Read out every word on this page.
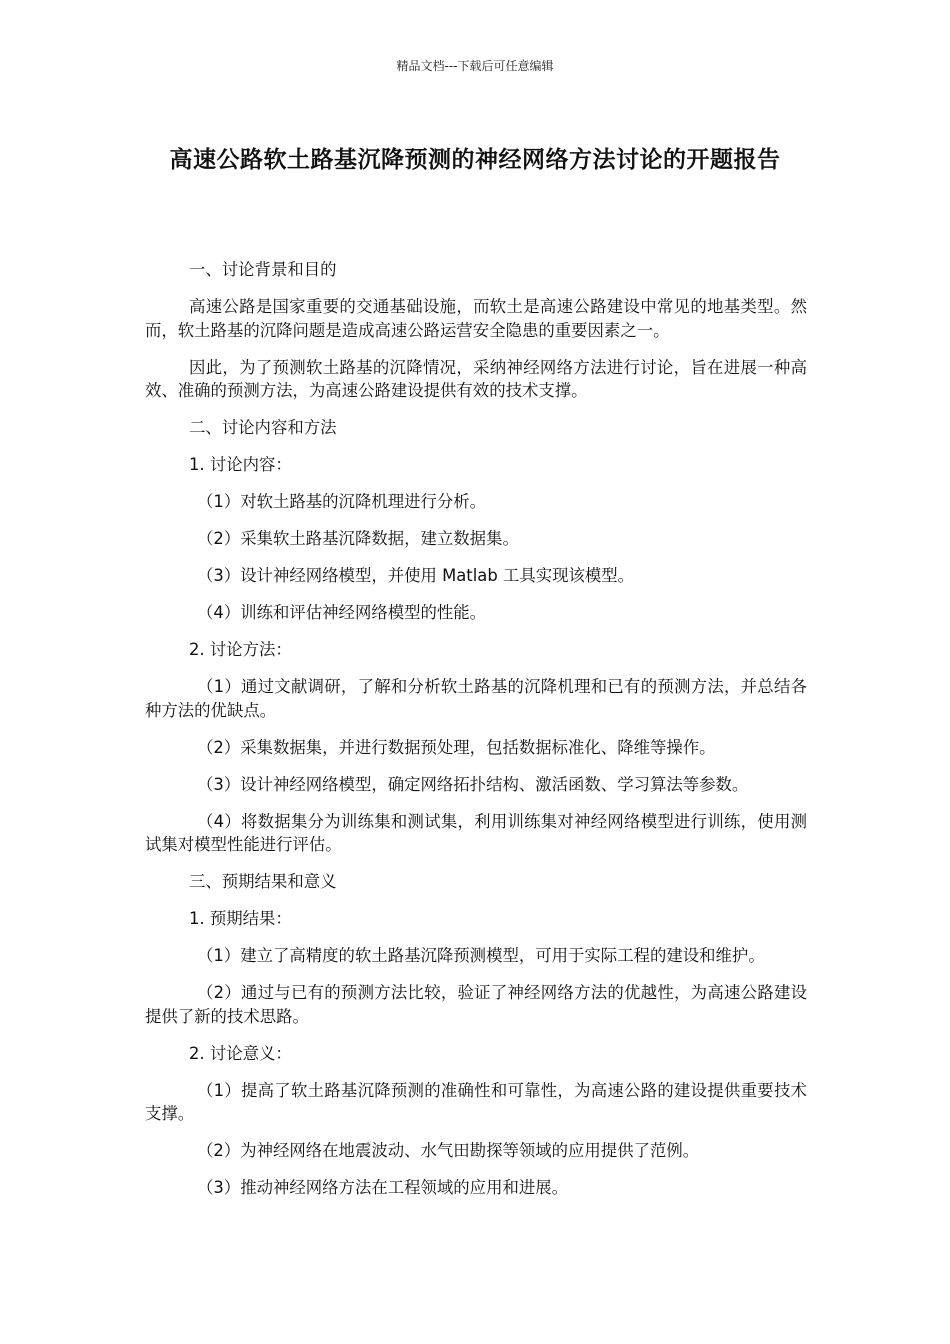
精品文档---下载后可任意编辑
高速公路软土路基沉降预测的神经网络方法讨论的开题报告

一、讨论背景和目的

高速公路是国家重要的交通基础设施，而软土是高速公路建设中常见的地基类型。然而，软土路基的沉降问题是造成高速公路运营安全隐患的重要因素之一。

因此，为了预测软土路基的沉降情况，采纳神经网络方法进行讨论，旨在进展一种高效、准确的预测方法，为高速公路建设提供有效的技术支撑。

二、讨论内容和方法

1. 讨论内容：

（1）对软土路基的沉降机理进行分析。

（2）采集软土路基沉降数据，建立数据集。

（3）设计神经网络模型，并使用 Matlab 工具实现该模型。

（4）训练和评估神经网络模型的性能。

2. 讨论方法：

（1）通过文献调研，了解和分析软土路基的沉降机理和已有的预测方法，并总结各种方法的优缺点。

（2）采集数据集，并进行数据预处理，包括数据标准化、降维等操作。

（3）设计神经网络模型，确定网络拓扑结构、激活函数、学习算法等参数。

（4）将数据集分为训练集和测试集，利用训练集对神经网络模型进行训练，使用测试集对模型性能进行评估。

三、预期结果和意义

1. 预期结果：

（1）建立了高精度的软土路基沉降预测模型，可用于实际工程的建设和维护。

（2）通过与已有的预测方法比较，验证了神经网络方法的优越性，为高速公路建设提供了新的技术思路。

2. 讨论意义：

（1）提高了软土路基沉降预测的准确性和可靠性，为高速公路的建设提供重要技术支撑。

（2）为神经网络在地震波动、水气田勘探等领域的应用提供了范例。

（3）推动神经网络方法在工程领域的应用和进展。
